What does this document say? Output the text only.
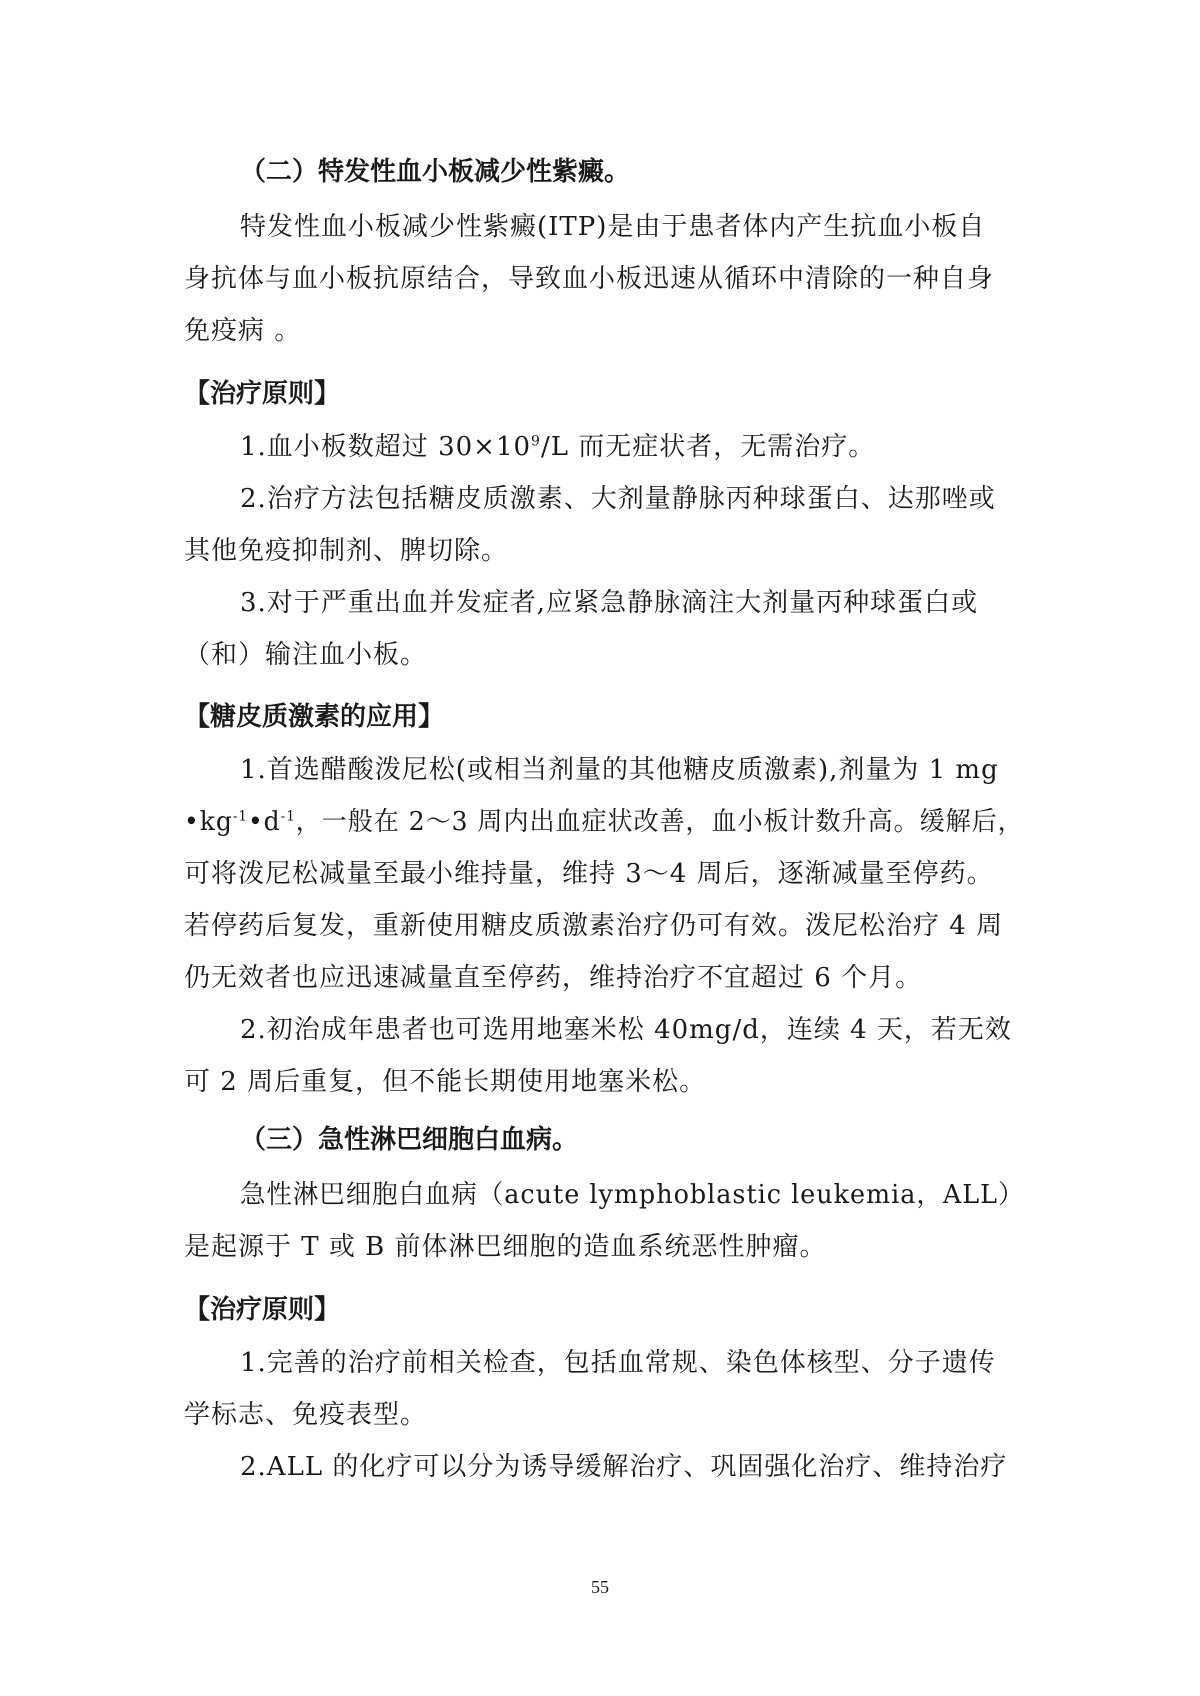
（二）特发性血小板减少性紫癜。
特发性血小板减少性紫癜(ITP)是由于患者体内产生抗血小板自
身抗体与血小板抗原结合，导致血小板迅速从循环中清除的一种自身
免疫病 。
【治疗原则】
1.血小板数超过 $30\times 10^9/L$ 而无症状者，无需治疗。
2.治疗方法包括糖皮质激素、大剂量静脉丙种球蛋白、达那唑或
其他免疫抑制剂、脾切除。
3.对于严重出血并发症者,应紧急静脉滴注大剂量丙种球蛋白或
（和）输注血小板。
【糖皮质激素的应用】
1.首选醋酸泼尼松(或相当剂量的其他糖皮质激素),剂量为 1 mg
$•kg^{-1}•d^{-1}$，一般在 2～3 周内出血症状改善，血小板计数升高。缓解后，
可将泼尼松减量至最小维持量，维持 3～4 周后，逐渐减量至停药。
若停药后复发，重新使用糖皮质激素治疗仍可有效。泼尼松治疗 4 周
仍无效者也应迅速减量直至停药，维持治疗不宜超过 6 个月。
2.初治成年患者也可选用地塞米松 40mg/d，连续 4 天，若无效
可 2 周后重复，但不能长期使用地塞米松。
（三）急性淋巴细胞白血病。
急性淋巴细胞白血病（acute lymphoblastic leukemia，ALL）
是起源于 T 或 B 前体淋巴细胞的造血系统恶性肿瘤。
【治疗原则】
1.完善的治疗前相关检查，包括血常规、染色体核型、分子遗传
学标志、免疫表型。
2.ALL 的化疗可以分为诱导缓解治疗、巩固强化治疗、维持治疗
55
